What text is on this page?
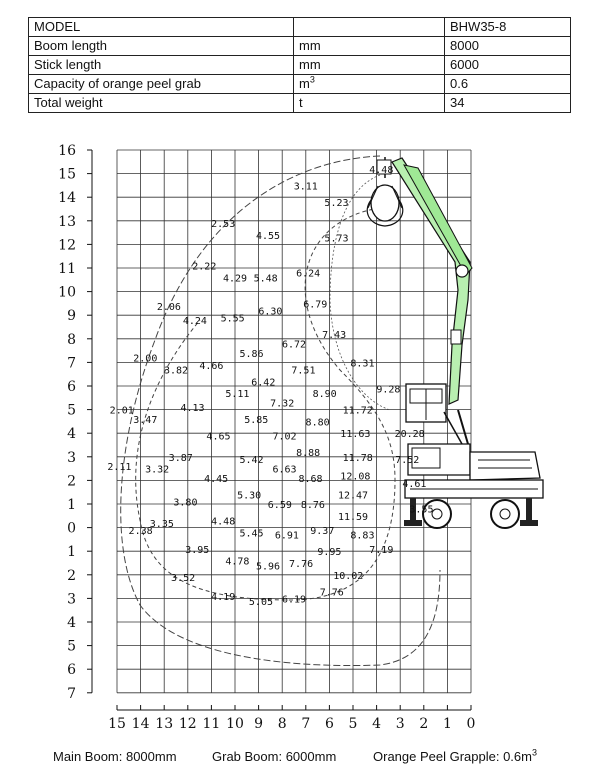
MODEL		BHW35-8
Boom length	mm	8000
Stick length	mm	6000
Capacity of orange peel grab	$m^3$	0.6
Total weight	t	34
16
15
14
13
12
11
10
9
8
7
6
5
4
3
2
1
0
1
2
3
4
5
6
7
15 14 13 12 11 10 9 8 7 6 5 4 3 2 1 0
4.48
3.11
5.23
2.53
4.55	5.73
2.22
4.29 5.48 6.24
6.79
2.06
4.24 5.55
6.30
7.43
6.72
5.86
2.00
3.82 4.66	7.51
8.31
6.42
9.28
5.11	8.90
7.32
11.72
2.01	4.13
3.47	5.85	8.80
20.28
11.63
4.65	7.02
3.87	5.42
8.88 11.78 7.52
2.11 3.32	6.63
12.08
4.45	8.68	4.61
12.47
5.30
3.80	6.59 8.76	3.55
11.59
3.35	4.48
2.38	9.37 8.83
5.45 6.91
3.95	7.19
9.95
4.78 5.96 7.76
10.02
3.52
4.19	7.76
5.05 6.19
Main Boom: 8000mm	Grab Boom: 6000mm	Orange Peel Grapple: $0.6m^3$
